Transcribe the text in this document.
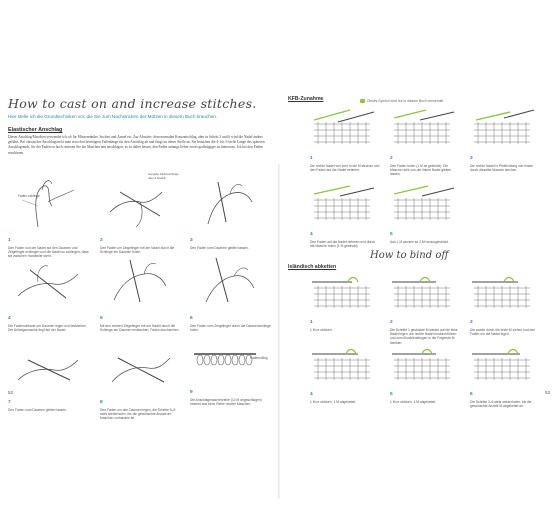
How to cast on and increase stitches.
Hier stelle ich die Grundtechniken vor, die Sie zum Nachstricken der Mützen in diesem Buch brauchen.
Elastischer Anschlag
Dieser Anschlag/Maschen verwendet ich oft für Mützenränder, Socken und Ärmel etc. Zur Abwärts- dem normalen Kreuzanschlag, aber in Schritt 3 und 6 wird die Nadel anders geführt. Bei elastischer Anschlagsteckt man etwa den benötigten Fadenlänge für den Anschlag ab und fängt an dieser Stelle an. Sie brauchen die 4- bis 5-fache Länge des späteren Anschlagrands, für der Faden zu hoch, müssen Sie die Maschen neu anschlagen; es ist daher besser, den Faden anfangs lieber etwas großzügiger zu bemessen. Ich bei den Enden resultieren.
Faden-schlinge
1
Den Faden von der Nadel auf den Daumen und Zeigefinger schlingen und die Nadel so schlingen, dass sie zwischen Handteller steht.
doppelte Fadenschlinge oder 2 Nadeln
2
Den Faden um Zeigefinger mit der Nadel durch die Schlinge ein Daumen holen.
3
Den Faden vom Daumen gleiten lassen.
4
Die Fadenschlaufe um Daumen legen und festziehen. Der Anfangsmasche liegt auf der Nadel.
5
Mit den rechten Zeigefinger mit der Nadel durch die Schlinge am Daumen einstechen, Faden durchziehen.
6
Den Faden vom Zeigefinger durch die Daumenschlinge holen.
7
Den Faden vom Daumen gleiten lassen.
8
Den Faden um den Daumen legen, die Schritte 5–8 stets wiederholen, bis die gewünschte Anzahl an Maschen vorhanden ist.
Fadenrolling
9
Die Anschlagmaschenreihe (10 M angeschlagen) besteht aus einer Reihe rechter Maschen.
52
KFB-Zunahme	Dieses Symbol wird nur in diesem Buch verwendet
1
Die rechte Nadel von vorn in die M stechen und den Faden auf die Nadel nehmen.
2
Den Faden holen (1 M ist gestrickt). Die Masche nicht von der linken Nadel gleiten lassen.
3
Die rechte Nadel in Pfeilrichtung von hinten durch dieselbe Masche stechen.
4
Den Faden auf die Nadel nehmen und durch die Masche holen (1 M gestrickt).
5
Aus 1 M wurden so 2 M herausgestrickt.
How to bind off
Isländisch abketten
1
1 M re stricken.
2
Die Schritte 1 gestrickte M wieder auf die linke Nadel legen, die rechte Nadel hindurchführen und zum Bruchlenkbogen in die Folgende M stecken.
3
Die zweite durch die erste M ziehen und den Faden um die Nadel legen.
4
1 M re stricken, 1 M abgekettet.
5
1 M re stricken. 1 M abgekettet.
6
Die Schritte 2–6 stets wiederholen, bis die gewünschte Anzahl M abgekettet ist.
53
